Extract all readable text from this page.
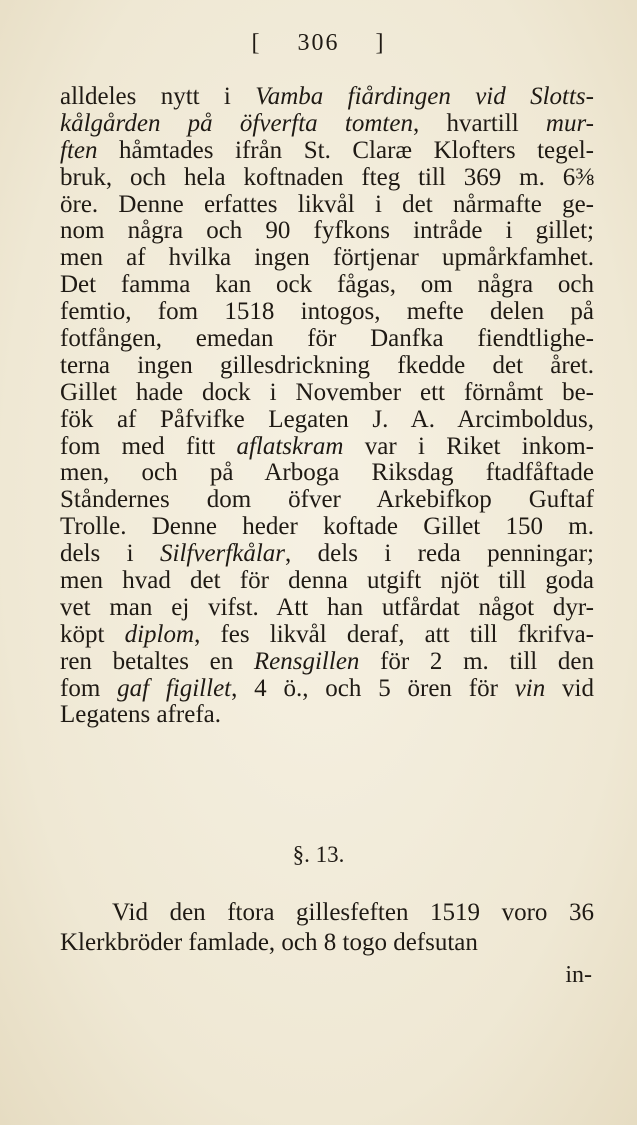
[ 306 ]
alldeles nytt i Vamba fiårdingen vid Slotts-
kålgården på öfverfta tomten, hvartill mur-
ften håmtades ifrån St. Claræ Klofters tegel-
bruk, och hela koftnaden fteg till 369 m. 6⅜
öre. Denne erfattes likvål i det nårmafte ge-
nom några och 90 fyfkons intråde i gillet;
men af hvilka ingen förtjenar upmårkfamhet.
Det famma kan ock fågas, om några och
femtio, fom 1518 intogos, mefte delen på
fotfången, emedan för Danfka fiendtlighe-
terna ingen gillesdrickning fkedde det året.
Gillet hade dock i November ett förnåmt be-
fök af Påfvifke Legaten J. A. Arcimboldus,
fom med fitt aflatskram var i Riket inkom-
men, och på Arboga Riksdag ftadfåftade
Ståndernes dom öfver Arkebifkop Guftaf
Trolle. Denne heder koftade Gillet 150 m.
dels i Silfverfkålar, dels i reda penningar;
men hvad det för denna utgift njöt till goda
vet man ej vifst. Att han utfårdat något dyr-
köpt diplom, fes likvål deraf, att till fkrifva-
ren betaltes en Rensgillen för 2 m. till den
fom gaf figillet, 4 ö., och 5 ören för vin vid
Legatens afrefa.
§. 13.
Vid den ftora gillesfeften 1519 voro 36
Klerkbröder famlade, och 8 togo defsutan
in-
